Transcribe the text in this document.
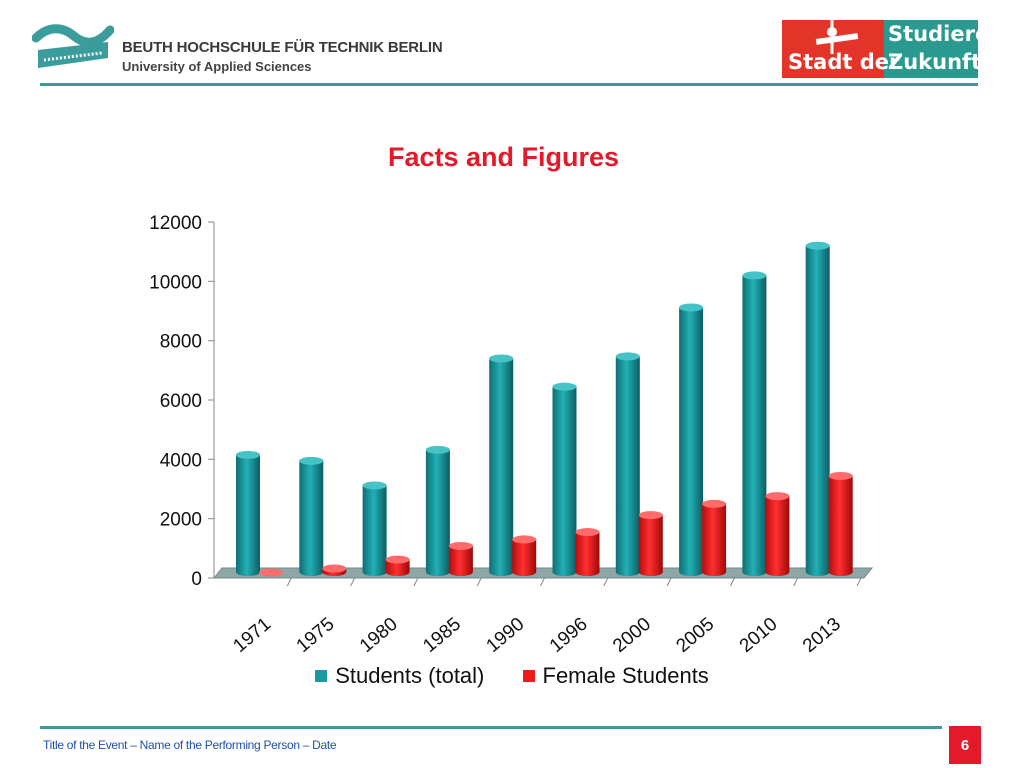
BEUTH HOCHSCHULE FÜR TECHNIK BERLIN
University of Applied Sciences
Studiere
Stadt der
Zukunft!
Facts and Figures
0
2000
4000
6000
8000
10000
12000
1971 1975 1980 1985 1990 1996 2000 2005 2010 2013
Students (total)
	Female Students
Title of the Event – Name of the Performing Person – Date	6
